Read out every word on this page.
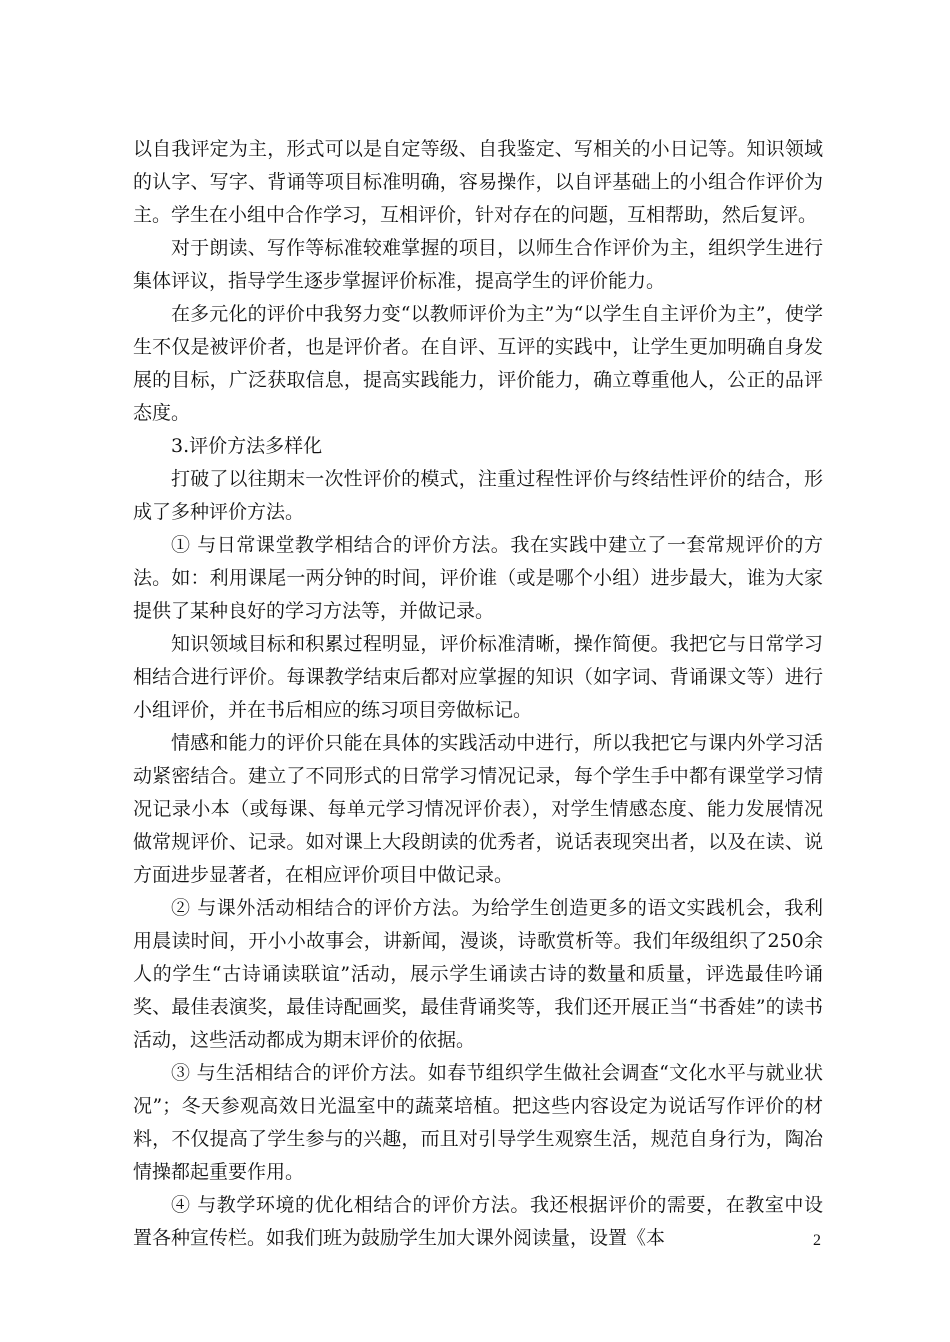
以自我评定为主，形式可以是自定等级、自我鉴定、写相关的小日记等。知识领域的认字、写字、背诵等项目标准明确，容易操作，以自评基础上的小组合作评价为主。学生在小组中合作学习，互相评价，针对存在的问题，互相帮助，然后复评。

对于朗读、写作等标准较难掌握的项目，以师生合作评价为主，组织学生进行集体评议，指导学生逐步掌握评价标准，提高学生的评价能力。

在多元化的评价中我努力变“以教师评价为主”为“以学生自主评价为主”，使学生不仅是被评价者，也是评价者。在自评、互评的实践中，让学生更加明确自身发展的目标，广泛获取信息，提高实践能力，评价能力，确立尊重他人，公正的品评态度。

3.评价方法多样化

打破了以往期末一次性评价的模式，注重过程性评价与终结性评价的结合，形成了多种评价方法。

① 与日常课堂教学相结合的评价方法。我在实践中建立了一套常规评价的方法。如：利用课尾一两分钟的时间，评价谁（或是哪个小组）进步最大，谁为大家提供了某种良好的学习方法等，并做记录。

知识领域目标和积累过程明显，评价标准清晰，操作简便。我把它与日常学习相结合进行评价。每课教学结束后都对应掌握的知识（如字词、背诵课文等）进行小组评价，并在书后相应的练习项目旁做标记。

情感和能力的评价只能在具体的实践活动中进行，所以我把它与课内外学习活动紧密结合。建立了不同形式的日常学习情况记录，每个学生手中都有课堂学习情况记录小本（或每课、每单元学习情况评价表），对学生情感态度、能力发展情况做常规评价、记录。如对课上大段朗读的优秀者，说话表现突出者，以及在读、说方面进步显著者，在相应评价项目中做记录。

② 与课外活动相结合的评价方法。为给学生创造更多的语文实践机会，我利用晨读时间，开小小故事会，讲新闻，漫谈，诗歌赏析等。我们年级组织了250余人的学生“古诗诵读联谊”活动，展示学生诵读古诗的数量和质量，评选最佳吟诵奖、最佳表演奖，最佳诗配画奖，最佳背诵奖等，我们还开展正当“书香娃”的读书活动，这些活动都成为期末评价的依据。

③ 与生活相结合的评价方法。如春节组织学生做社会调查“文化水平与就业状况”；冬天参观高效日光温室中的蔬菜培植。把这些内容设定为说话写作评价的材料，不仅提高了学生参与的兴趣，而且对引导学生观察生活，规范自身行为，陶冶情操都起重要作用。

④ 与教学环境的优化相结合的评价方法。我还根据评价的需要，在教室中设置各种宣传栏。如我们班为鼓励学生加大课外阅读量，设置《本	2
